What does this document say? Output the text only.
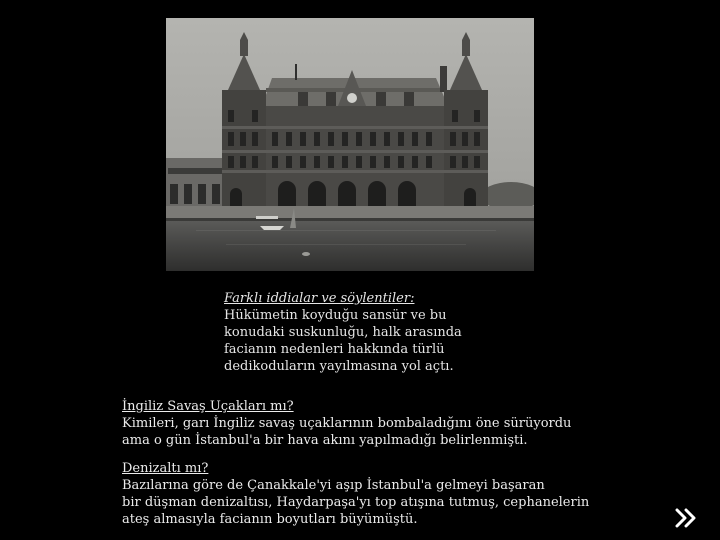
Farklı iddialar ve söylentiler:
Hükümetin koyduğu sansür ve bu
konudaki suskunluğu, halk arasında
facianın nedenleri hakkında türlü
dedikoduların yayılmasına yol açtı.
İngiliz Savaş Uçakları mı?
Kimileri, garı İngiliz savaş uçaklarının bombaladığını öne sürüyordu
ama o gün İstanbul'a bir hava akını yapılmadığı belirlenmişti.
Denizaltı mı?
Bazılarına göre de Çanakkale'yi aşıp İstanbul'a gelmeyi başaran
bir düşman denizaltısı, Haydarpaşa'yı top atışına tutmuş, cephanelerin
ateş almasıyla facianın boyutları büyümüştü.
